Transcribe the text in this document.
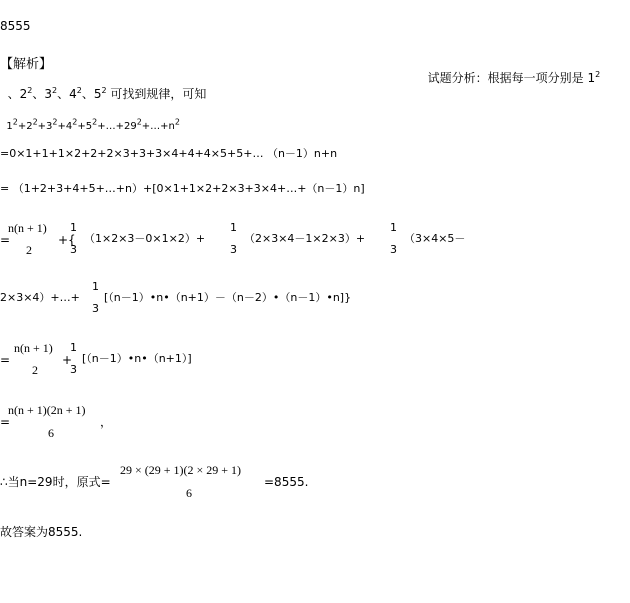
8555
【解析】

试题分析：根据每一项分别是 $1^2$

、$2^2$、$3^2$、$4^2$、$5^2$ 可找到规律，可知

$1^2+2^2+3^2+4^2+5^2+\dots+29^2+\dots+n^2$

=0×1+1+1×2+2+2×3+3+3×4+4+4×5+5+… （n－1）n+n
= （1+2+3+4+5+…+n）+[0×1+1×2+2×3+3×4+…+（n－1）n]
=
n(n + 1)
2
+{
1
3
（1×2×3－0×1×2）+
1
3
（2×3×4－1×2×3）+
1
3
（3×4×5－
2×3×4）+…+
1
3
[（n－1）•n•（n+1）－（n－2）•（n－1）•n]}
=
n(n + 1)
2
+
1
3
[（n－1）•n•（n+1）]
=
n(n + 1)(2n + 1)
6
，
∴当n=29时，原式=
29 × (29 + 1)(2 × 29 + 1)
6
=8555.
故答案为8555.
